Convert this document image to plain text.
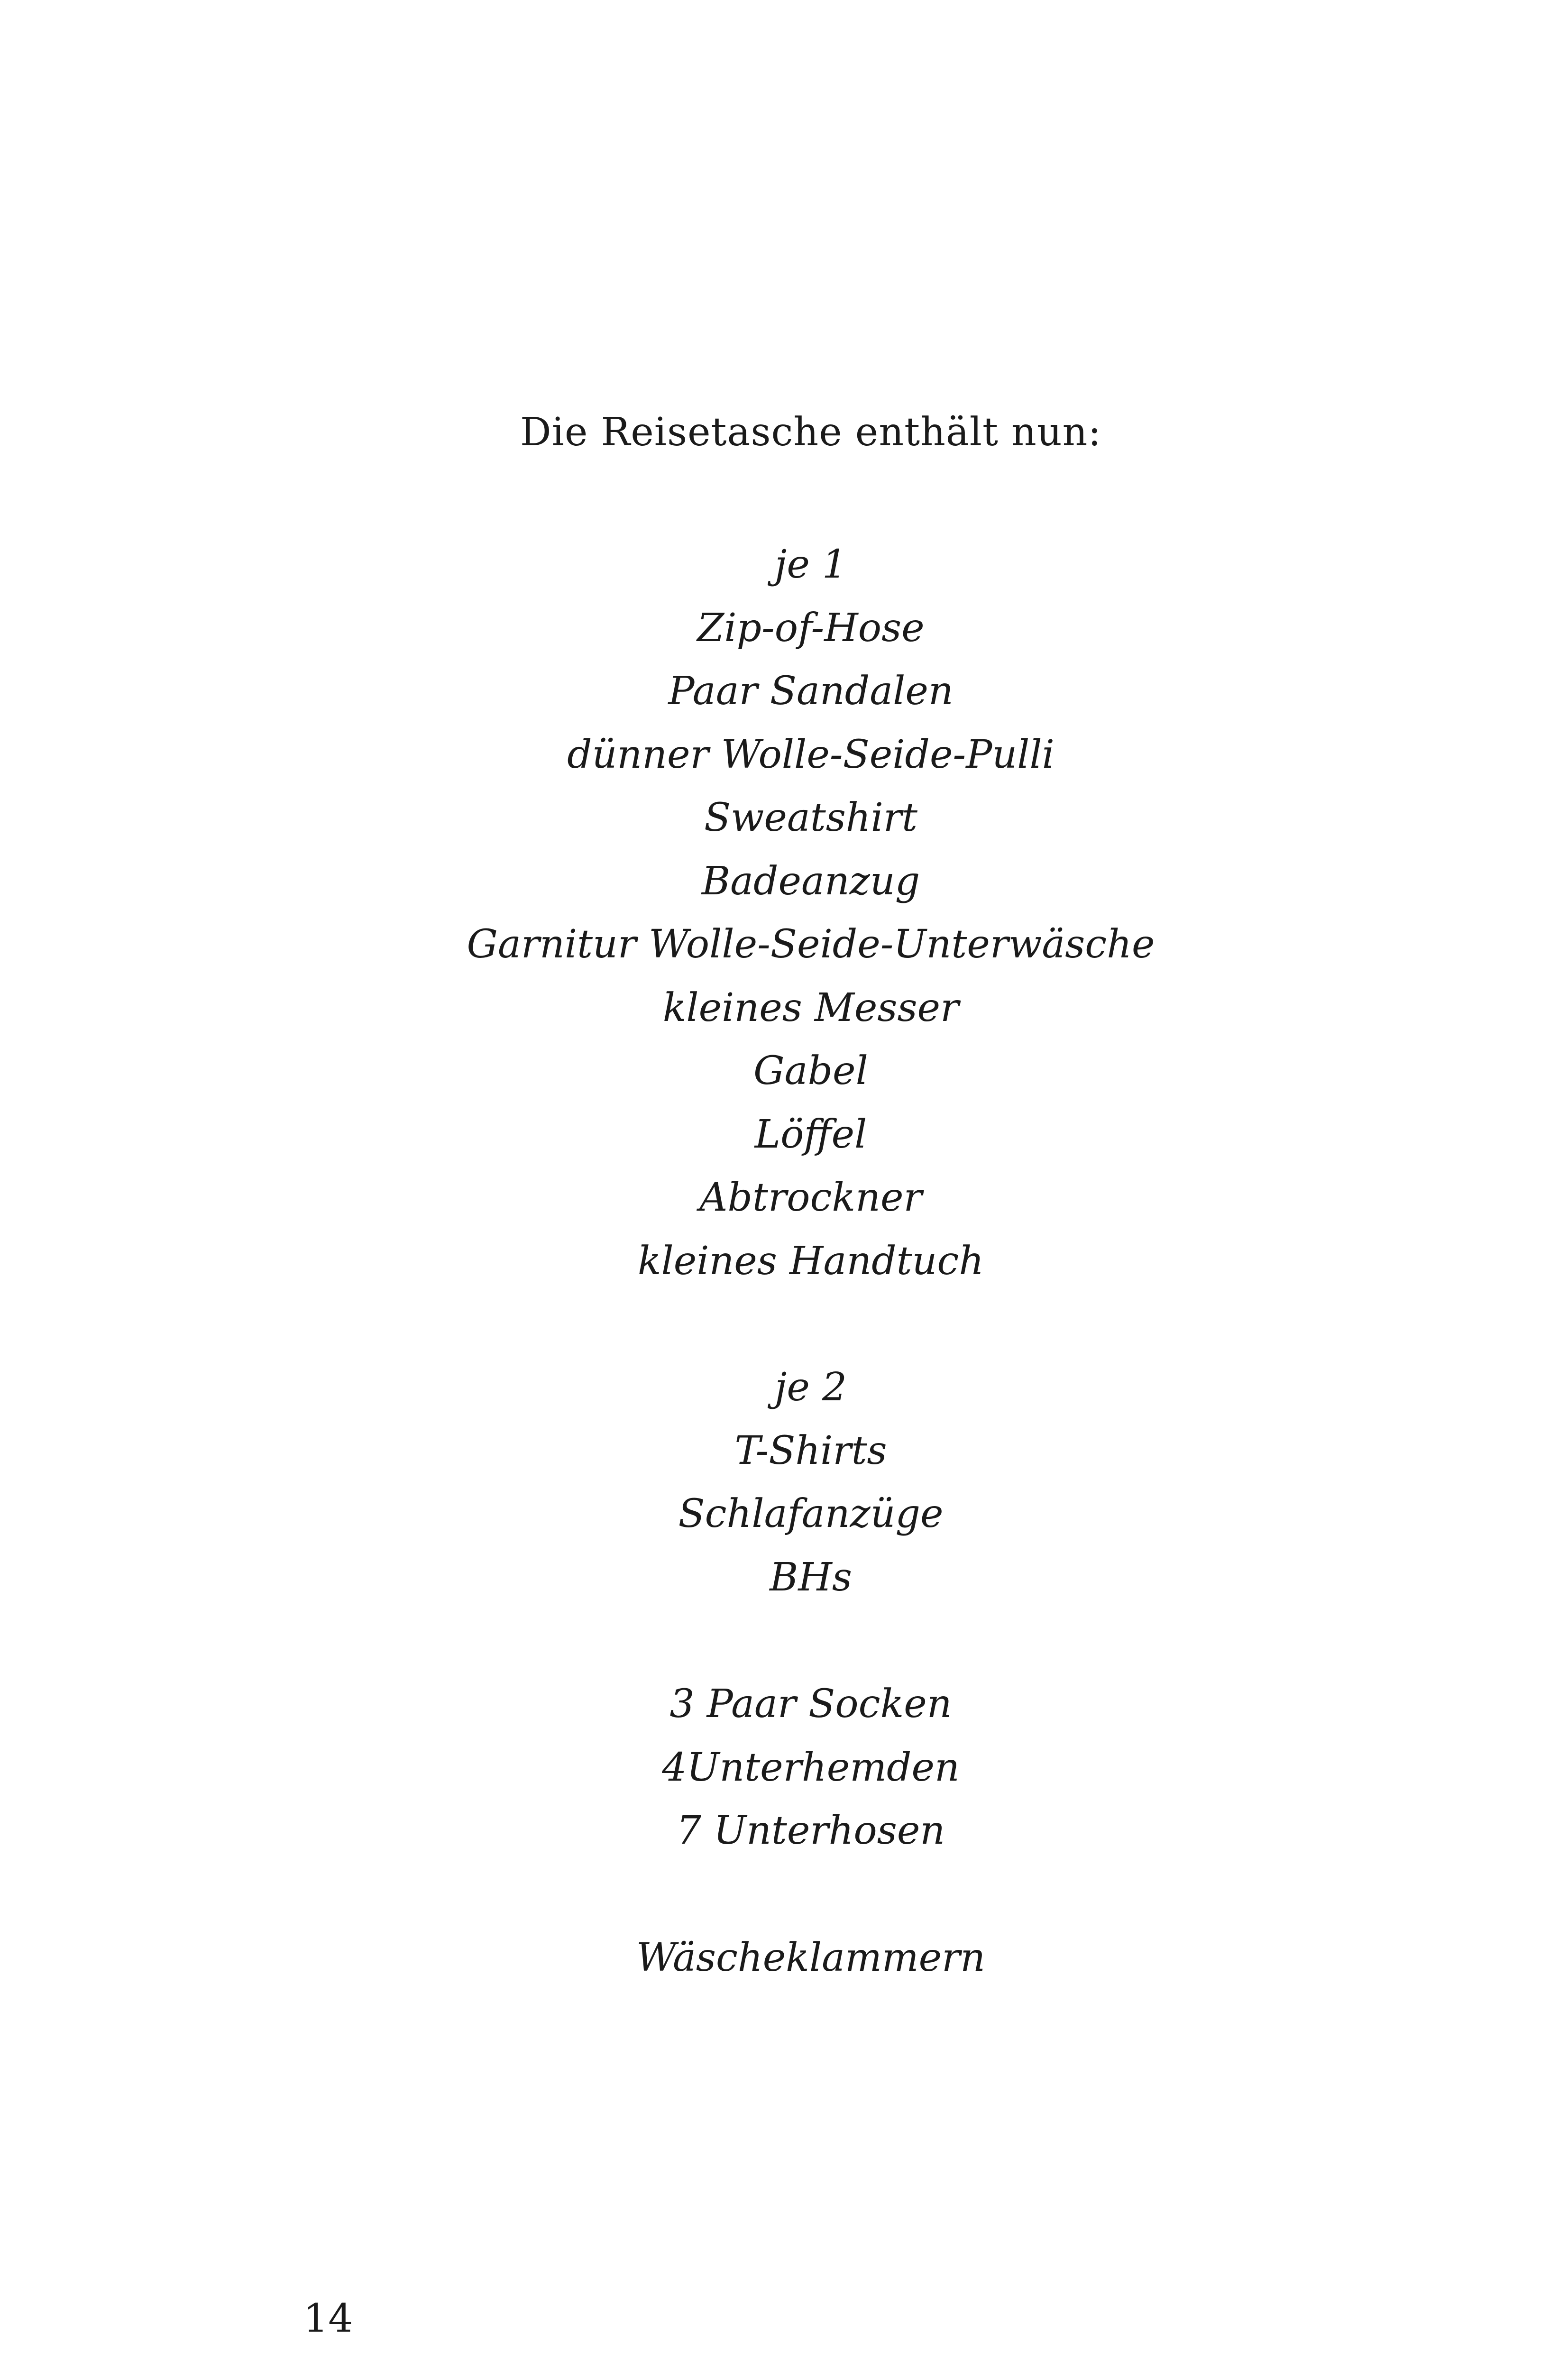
Die Reisetasche enthält nun:
je 1
Zip-of-Hose
Paar Sandalen
dünner Wolle-Seide-Pulli
Sweatshirt
Badeanzug
Garnitur Wolle-Seide-Unterwäsche
kleines Messer
Gabel
Löffel
Abtrockner
kleines Handtuch
je 2
T-Shirts
Schlafanzüge
BHs
3 Paar Socken
4Unterhemden
7 Unterhosen
Wäscheklammern
14
